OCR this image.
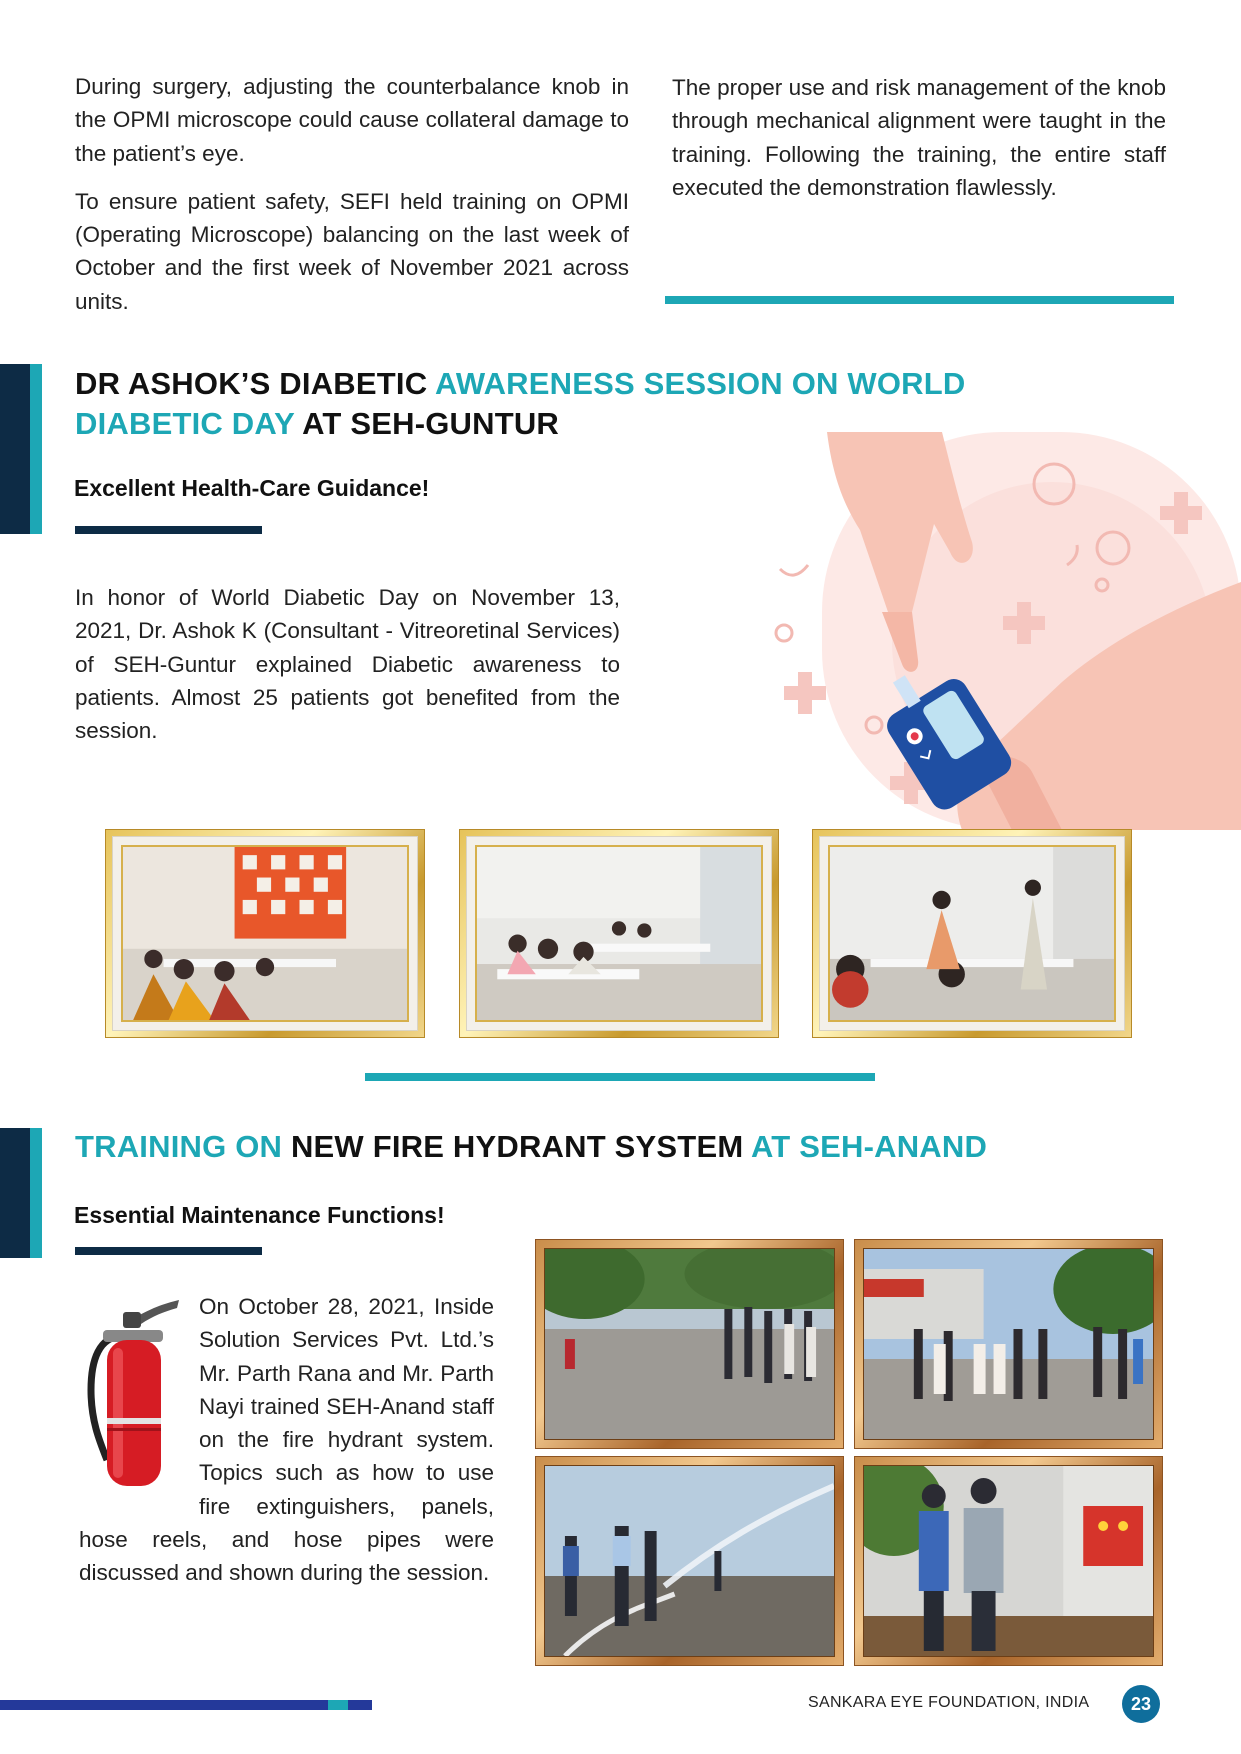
During surgery, adjusting the counterbalance knob in the OPMI microscope could cause collateral damage to the patient’s eye.

To ensure patient safety, SEFI held training on OPMI (Operating Microscope) balancing on the last week of October and the first week of November 2021 across units.

The proper use and risk management of the knob through mechanical alignment were taught in the training. Following the training, the entire staff executed the demonstration flawlessly.

DR ASHOK’S DIABETIC AWARENESS SESSION ON WORLD DIABETIC DAY AT SEH-GUNTUR
Excellent Health-Care Guidance!
In honor of World Diabetic Day on November 13, 2021, Dr. Ashok K (Consultant - Vitreoretinal Services) of SEH-Guntur explained Diabetic awareness to patients. Almost 25 patients got benefited from the session.
TRAINING ON NEW FIRE HYDRANT SYSTEM AT SEH-ANAND
Essential Maintenance Functions!
On October 28, 2021, Inside Solution Services Pvt. Ltd.’s Mr. Parth Rana and Mr. Parth Nayi trained SEH-Anand staff on the fire hydrant system. Topics such as how to use fire extinguishers, panels, hose reels, and hose pipes were discussed and shown during the session.
SANKARA EYE FOUNDATION, INDIA	23
